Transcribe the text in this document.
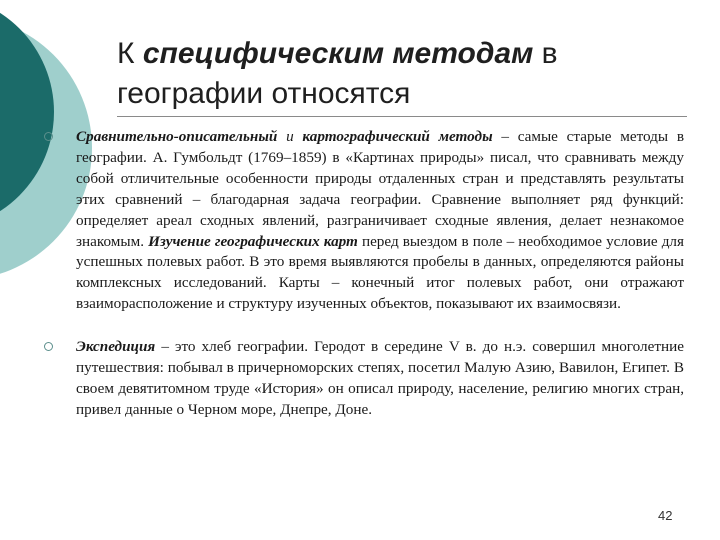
К специфическим методам в географии относятся
Сравнительно-описательный и картографический методы – самые старые методы в географии. А. Гумбольдт (1769–1859) в «Картинах природы» писал, что сравнивать между собой отличительные особенности природы отдаленных стран и представлять результаты этих сравнений – благодарная задача географии. Сравнение выполняет ряд функций: определяет ареал сходных явлений, разграничивает сходные явления, делает незнакомое знакомым. Изучение географических карт перед выездом в поле – необходимое условие для успешных полевых работ. В это время выявляются пробелы в данных, определяются районы комплексных исследований. Карты – конечный итог полевых работ, они отражают взаиморасположение и структуру изученных объектов, показывают их взаимосвязи.
Экспедиция – это хлеб географии. Геродот в середине V в. до н.э. совершил многолетние путешествия: побывал в причерноморских степях, посетил Малую Азию, Вавилон, Египет. В своем девятитомном труде «История» он описал природу, население, религию многих стран, привел данные о Черном море, Днепре, Доне.
42
